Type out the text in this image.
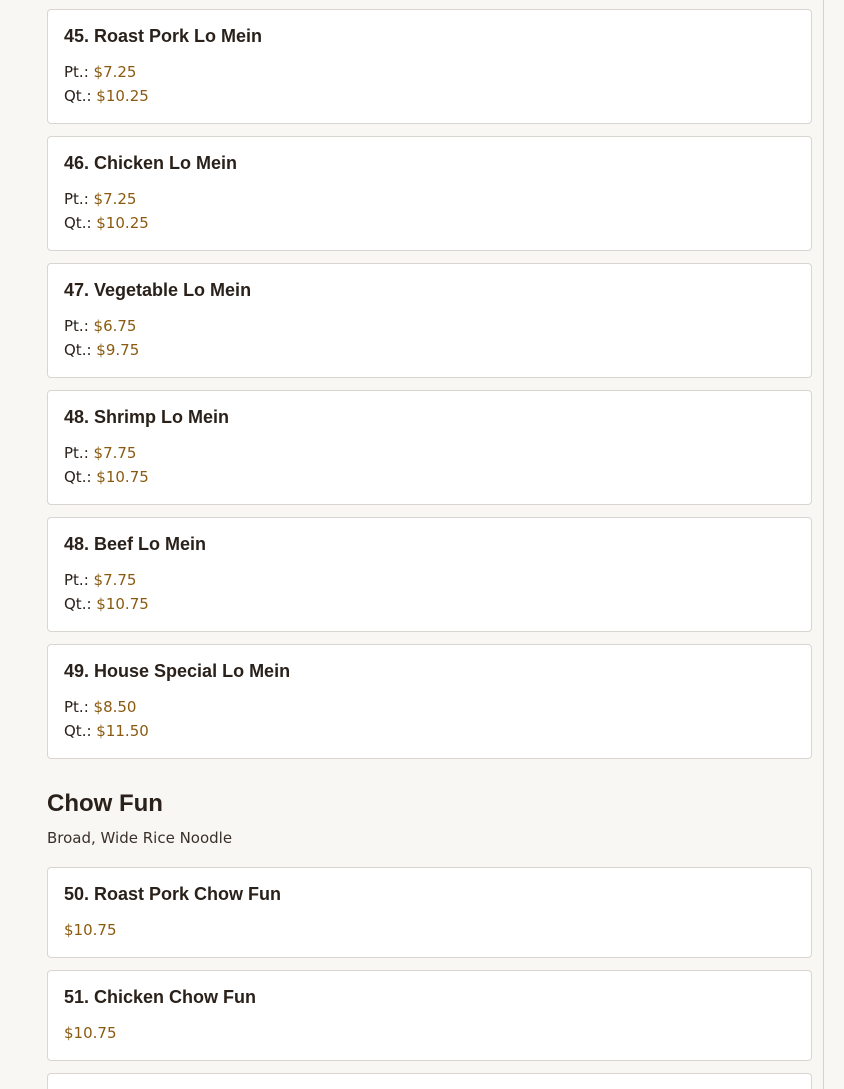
45. Roast Pork Lo Mein
Pt.: $7.25
Qt.: $10.25
46. Chicken Lo Mein
Pt.: $7.25
Qt.: $10.25
47. Vegetable Lo Mein
Pt.: $6.75
Qt.: $9.75
48. Shrimp Lo Mein
Pt.: $7.75
Qt.: $10.75
48. Beef Lo Mein
Pt.: $7.75
Qt.: $10.75
49. House Special Lo Mein
Pt.: $8.50
Qt.: $11.50
Chow Fun
Broad, Wide Rice Noodle
50. Roast Pork Chow Fun
$10.75
51. Chicken Chow Fun
$10.75
